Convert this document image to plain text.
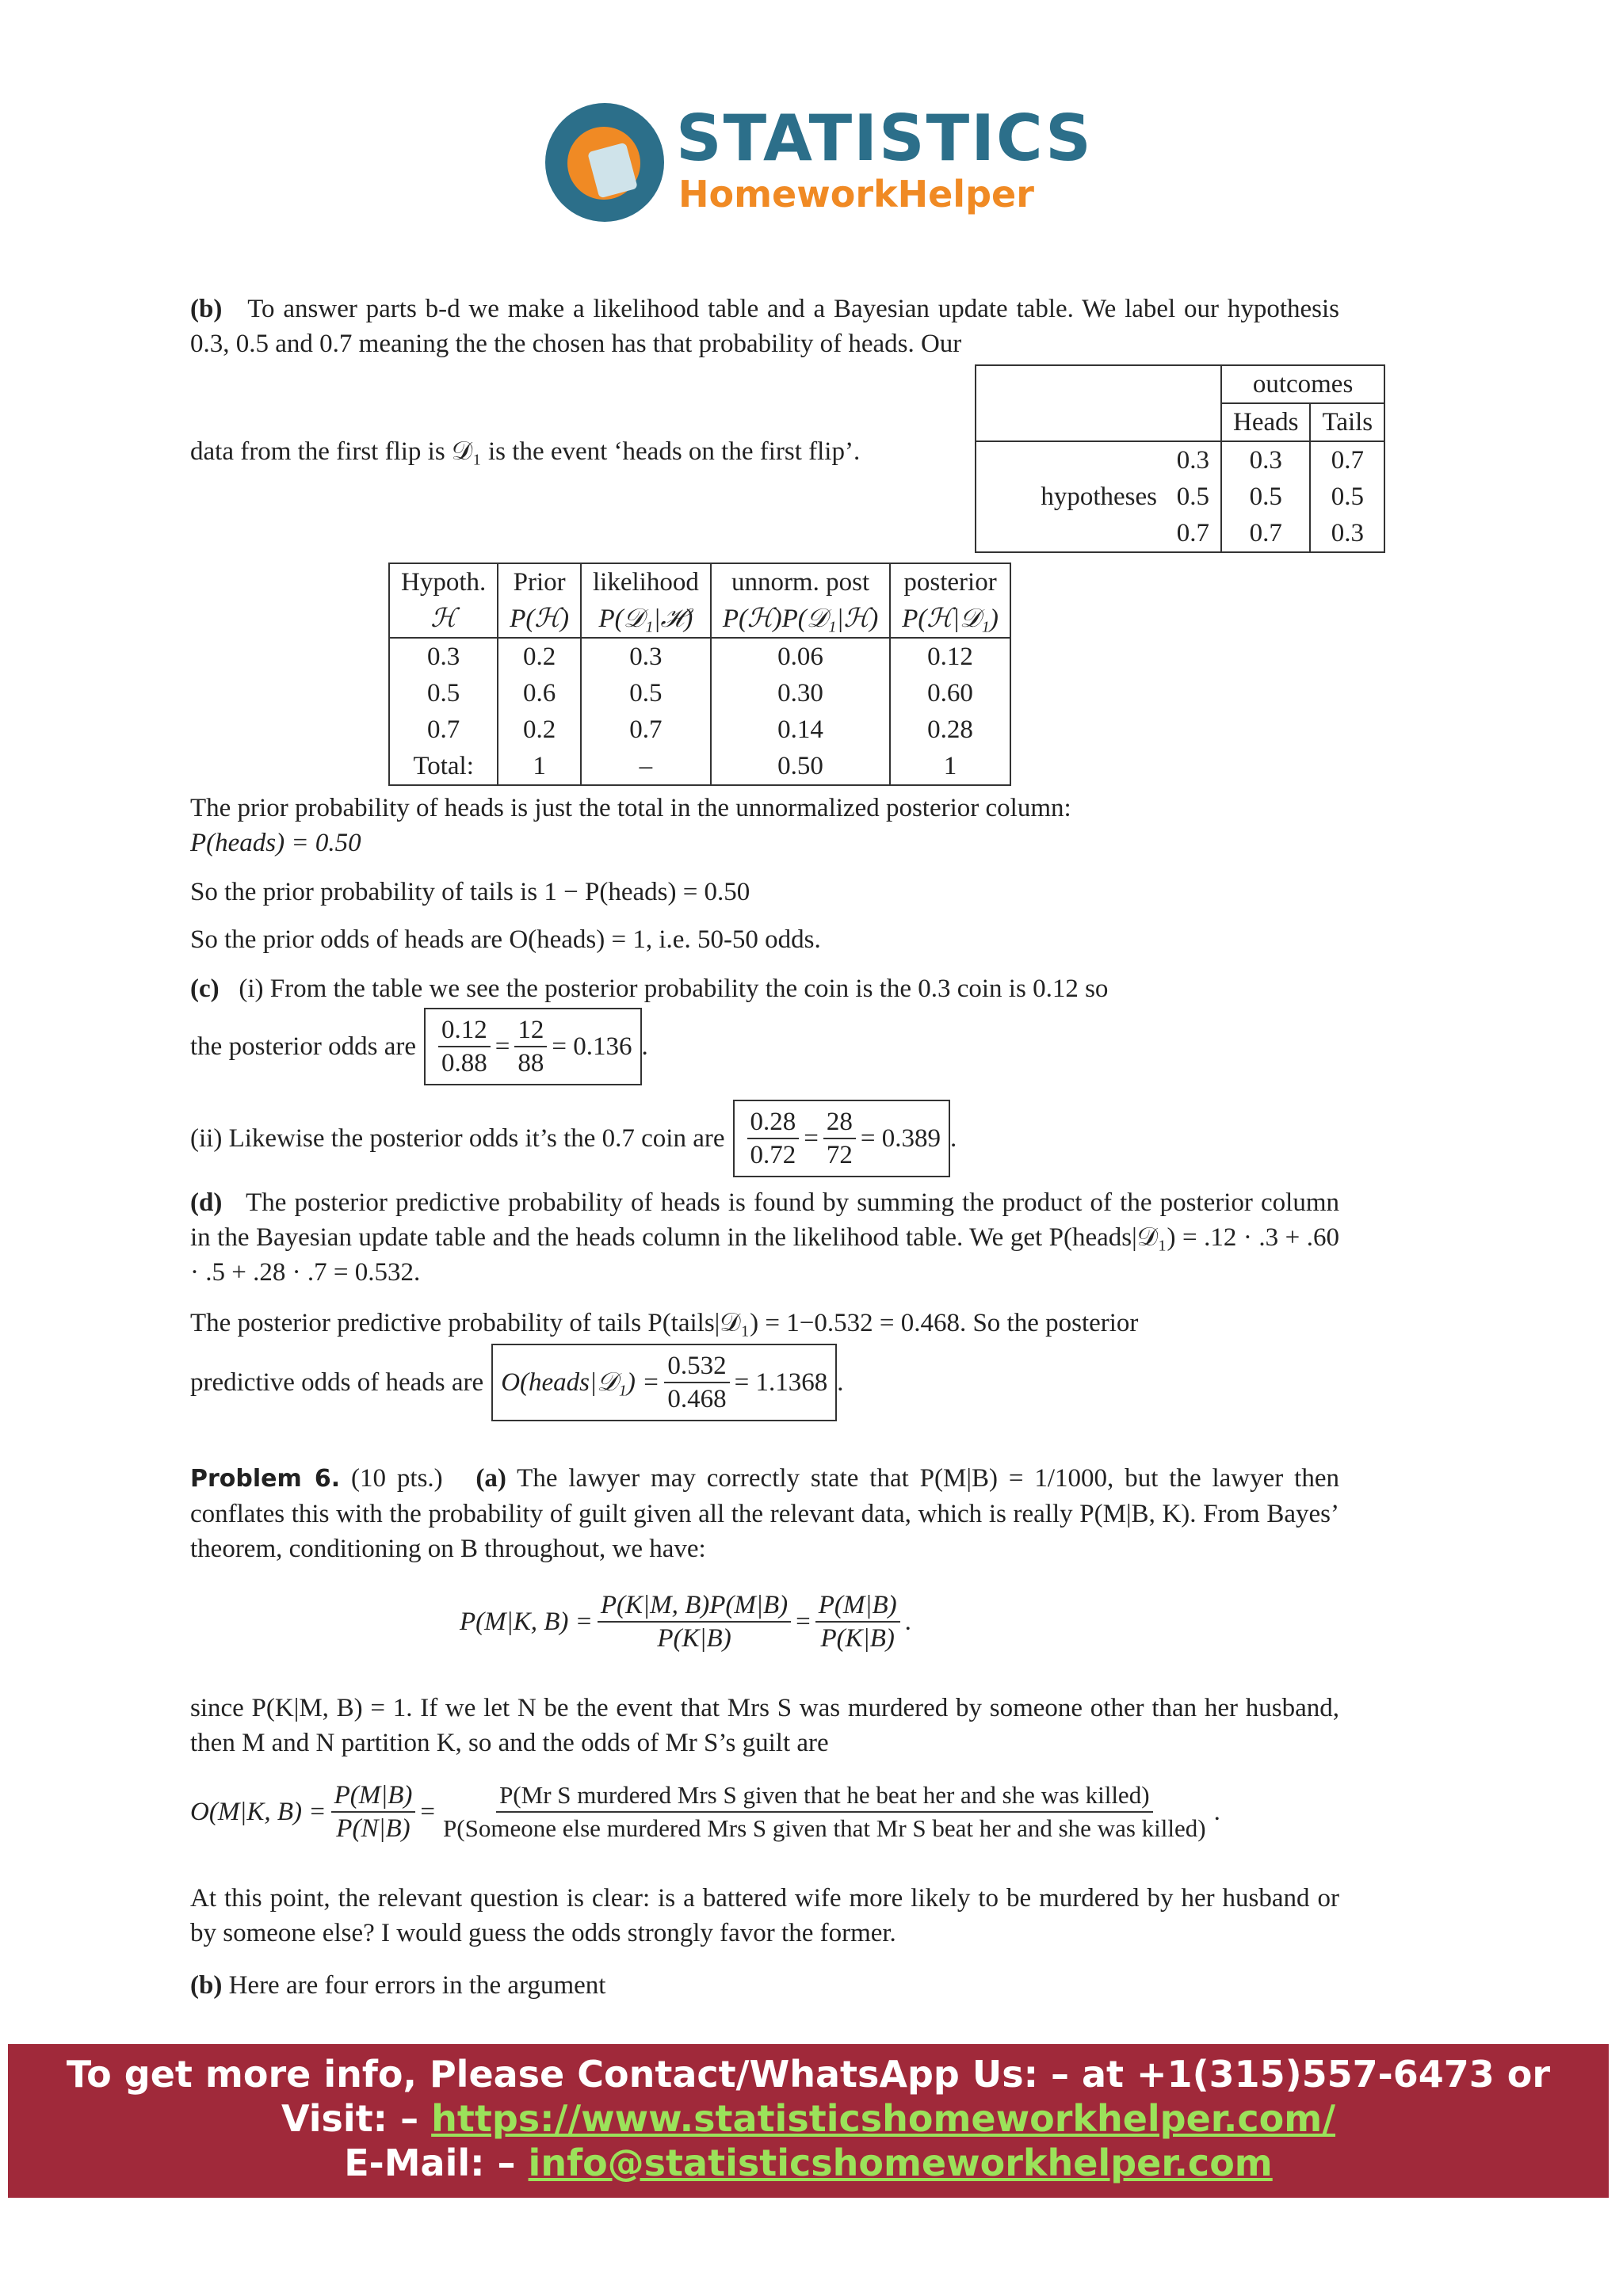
STATISTICS
HomeworkHelper
(b) To answer parts b-d we make a likelihood table and a Bayesian update table. We label our hypothesis 0.3, 0.5 and 0.7 meaning the the chosen has that probability of heads. Our
data from the first flip is 𝒟₁ is the event ‘heads on the first flip’.
	outcomes	
	Heads	Tails
0.3	0.3	0.7
hypotheses 0.5	0.5	0.5
0.7	0.7	0.3
Hypoth.	Prior	likelihood	unnorm. post	posterior
ℋ	P(ℋ)	P(𝒟₁|ℋ)	P(ℋ)P(𝒟₁|ℋ)	P(ℋ|𝒟₁)
0.3	0.2	0.3	0.06	0.12
0.5	0.6	0.5	0.30	0.60
0.7	0.2	0.7	0.14	0.28
Total:	1	–	0.50	1
The prior probability of heads is just the total in the unnormalized posterior column:
P(heads) = 0.50
So the prior probability of tails is 1 − P(heads) = 0.50
So the prior odds of heads are O(heads) = 1, i.e. 50-50 odds.
(c) (i) From the table we see the posterior probability the coin is the 0.3 coin is 0.12 so
the posterior odds are $\frac{0.12}{0.88} = \frac{12}{88} = 0.136$ .
(ii) Likewise the posterior odds it’s the 0.7 coin are $\frac{0.28}{0.72} = \frac{28}{72} = 0.389$ .
(d) The posterior predictive probability of heads is found by summing the product of the posterior column in the Bayesian update table and the heads column in the likelihood table. We get P(heads|𝒟₁) = .12 · .3 + .60 · .5 + .28 · .7 = 0.532.
The posterior predictive probability of tails P(tails|𝒟₁) = 1−0.532 = 0.468. So the posterior
predictive odds of heads are O(heads|𝒟₁) = $\frac{0.532}{0.468} = 1.1368$ .
Problem 6. (10 pts.) (a) The lawyer may correctly state that P(M|B) = 1/1000, but the lawyer then conflates this with the probability of guilt given all the relevant data, which is really P(M|B, K). From Bayes’ theorem, conditioning on B throughout, we have:
P(M|K, $B) = \frac{P(K|M, B)P(M|B)}{P(K|B)} = \frac{P(M|B)}{P(K|B)}$ .
since P(K|M, B) = 1. If we let N be the event that Mrs S was murdered by someone other than her husband, then M and N partition K, so and the odds of Mr S’s guilt are
O(M|K, $B) = \frac{P(M|B)}{P(N|B)}$ =
P(Mr S murdered Mrs S given that he beat her and she was killed)
P(Someone else murdered Mrs S given that Mr S beat her and she was killed)
.
At this point, the relevant question is clear: is a battered wife more likely to be murdered by her husband or by someone else? I would guess the odds strongly favor the former.
(b) Here are four errors in the argument
To get more info, Please Contact/WhatsApp Us: – at +1(315)557-6473 or
Visit: – https://www.statisticshomeworkhelper.com/
E-Mail: – info@statisticshomeworkhelper.com
